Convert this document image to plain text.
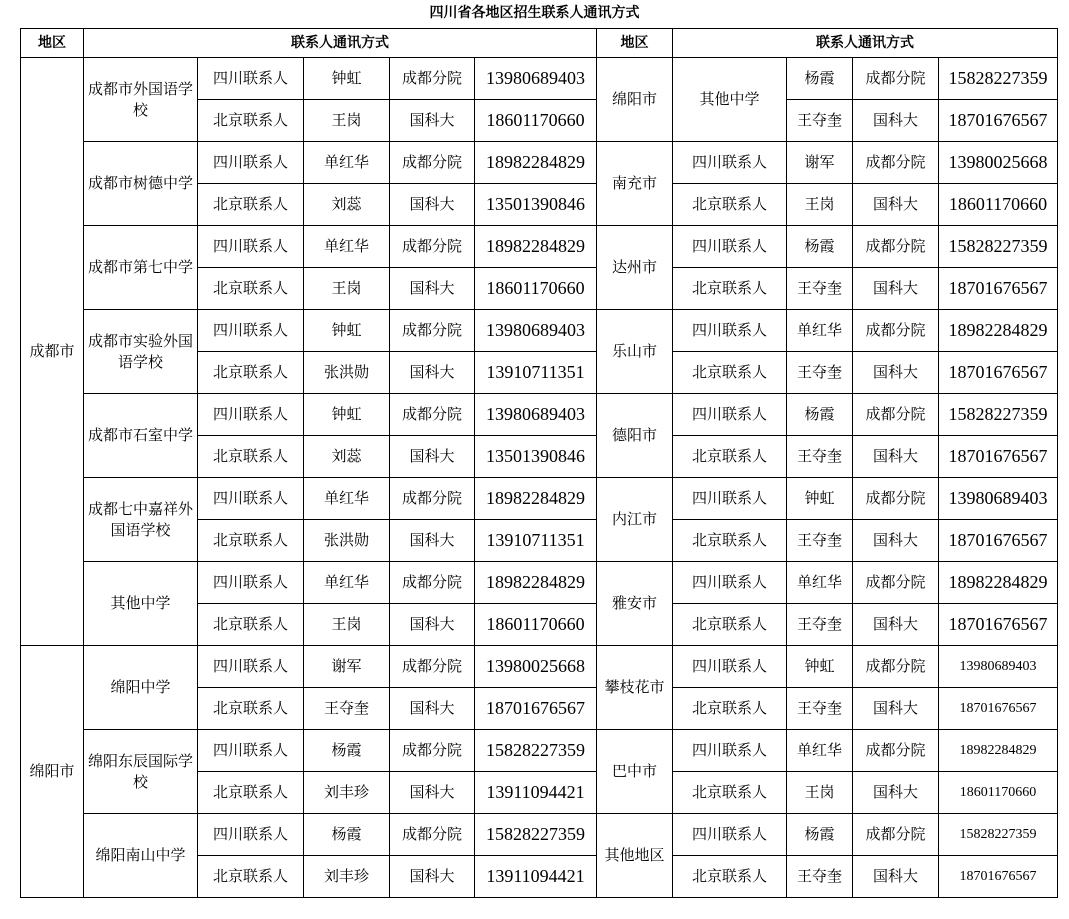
四川省各地区招生联系人通讯方式
地区	联系人通讯方式					地区	联系人通讯方式			
成都市	成都市外国语学校	四川联系人	钟虹	成都分院	13980689403	绵阳市	其他中学	杨霞	成都分院	15828227359
		北京联系人	王岗	国科大	18601170660			王夺奎	国科大	18701676567
	成都市树德中学	四川联系人	单红华	成都分院	18982284829	南充市	四川联系人	谢军	成都分院	13980025668
		北京联系人	刘蕊	国科大	13501390846		北京联系人	王岗	国科大	18601170660
	成都市第七中学	四川联系人	单红华	成都分院	18982284829	达州市	四川联系人	杨霞	成都分院	15828227359
		北京联系人	王岗	国科大	18601170660		北京联系人	王夺奎	国科大	18701676567
	成都市实验外国语学校	四川联系人	钟虹	成都分院	13980689403	乐山市	四川联系人	单红华	成都分院	18982284829
		北京联系人	张洪勋	国科大	13910711351		北京联系人	王夺奎	国科大	18701676567
	成都市石室中学	四川联系人	钟虹	成都分院	13980689403	德阳市	四川联系人	杨霞	成都分院	15828227359
		北京联系人	刘蕊	国科大	13501390846		北京联系人	王夺奎	国科大	18701676567
	成都七中嘉祥外国语学校	四川联系人	单红华	成都分院	18982284829	内江市	四川联系人	钟虹	成都分院	13980689403
		北京联系人	张洪勋	国科大	13910711351		北京联系人	王夺奎	国科大	18701676567
	其他中学	四川联系人	单红华	成都分院	18982284829	雅安市	四川联系人	单红华	成都分院	18982284829
		北京联系人	王岗	国科大	18601170660		北京联系人	王夺奎	国科大	18701676567
绵阳市	绵阳中学	四川联系人	谢军	成都分院	13980025668	攀枝花市	四川联系人	钟虹	成都分院	13980689403
		北京联系人	王夺奎	国科大	18701676567		北京联系人	王夺奎	国科大	18701676567
	绵阳东辰国际学校	四川联系人	杨霞	成都分院	15828227359	巴中市	四川联系人	单红华	成都分院	18982284829
		北京联系人	刘丰珍	国科大	13911094421		北京联系人	王岗	国科大	18601170660
	绵阳南山中学	四川联系人	杨霞	成都分院	15828227359	其他地区	四川联系人	杨霞	成都分院	15828227359
		北京联系人	刘丰珍	国科大	13911094421		北京联系人	王夺奎	国科大	18701676567
